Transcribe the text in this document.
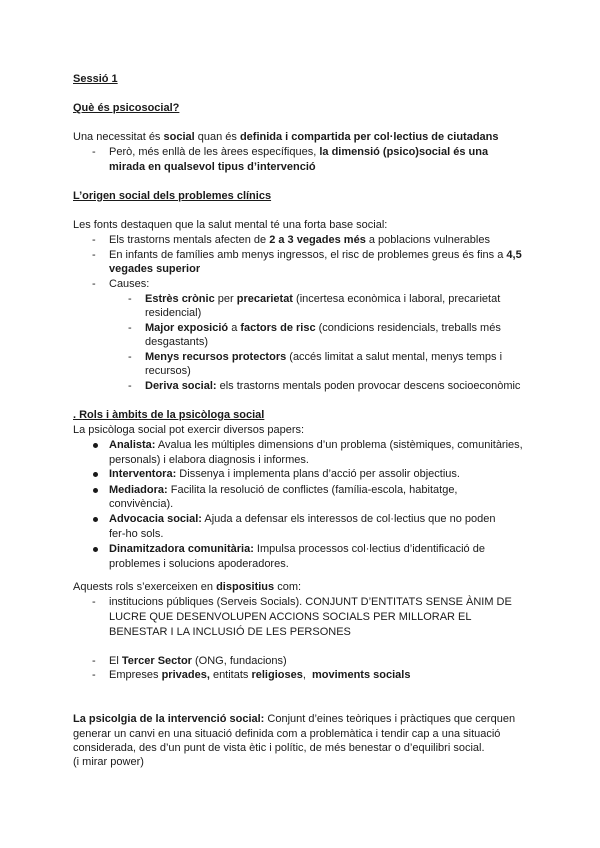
Sessió 1
Què és psicosocial?
Una necessitat és social quan és definida i compartida per col·lectius de ciutadans
- Però, més enllà de les àrees específiques, la dimensió (psico)social és una
mirada en qualsevol tipus d’intervenció
L’origen social dels problemes clínics
Les fonts destaquen que la salut mental té una forta base social:
- Els trastorns mentals afecten de 2 a 3 vegades més a poblacions vulnerables
- En infants de famílies amb menys ingressos, el risc de problemes greus és fins a 4,5
vegades superior
- Causes:
- Estrès crònic per precarietat (incertesa econòmica i laboral, precarietat
residencial)
- Major exposició a factors de risc (condicions residencials, treballs més
desgastants)
- Menys recursos protectors (accés limitat a salut mental, menys temps i
recursos)
- Deriva social: els trastorns mentals poden provocar descens socioeconòmic
. Rols i àmbits de la psicòloga social
La psicòloga social pot exercir diversos papers:
Analista: Avalua les múltiples dimensions d’un problema (sistèmiques, comunitàries,
personals) i elabora diagnosis i informes.
Interventora: Dissenya i implementa plans d’acció per assolir objectius.
Mediadora: Facilita la resolució de conflictes (família-escola, habitatge,
convivència).
Advocacia social: Ajuda a defensar els interessos de col·lectius que no poden
fer-ho sols.
Dinamitzadora comunitària: Impulsa processos col·lectius d’identificació de
problemes i solucions apoderadores.
Aquests rols s’exerceixen en dispositius com:
- institucions públiques (Serveis Socials). CONJUNT D’ENTITATS SENSE ÀNIM DE
LUCRE QUE DESENVOLUPEN ACCIONS SOCIALS PER MILLORAR EL
BENESTAR I LA INCLUSIÓ DE LES PERSONES
- El Tercer Sector (ONG, fundacions)
- Empreses privades, entitats religioses,  moviments socials
La psicolgia de la intervenció social: Conjunt d’eines teòriques i pràctiques que cerquen
generar un canvi en una situació definida com a problemàtica i tendir cap a una situació
considerada, des d’un punt de vista ètic i polític, de més benestar o d’equilibri social.
(i mirar power)
